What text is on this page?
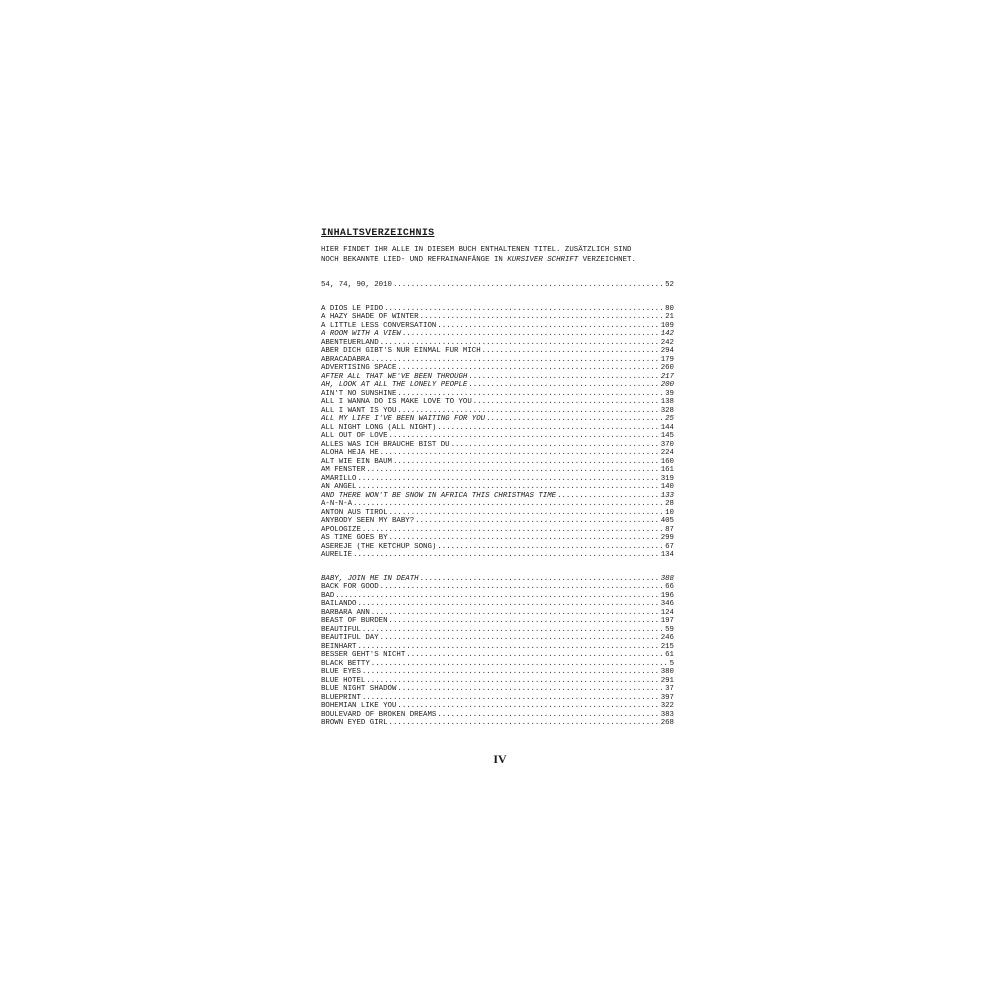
INHALTSVERZEICHNIS
HIER FINDET IHR ALLE IN DIESEM BUCH ENTHALTENEN TITEL. ZUSÄTZLICH SIND
NOCH BEKANNTE LIED- UND REFRAINANFÄNGE IN KURSIVER SCHRIFT VERZEICHNET.
54, 74, 90, 2010 .....	52
A DIOS LE PIDO .....	80
A HAZY SHADE OF WINTER .....	21
A LITTLE LESS CONVERSATION .....	109
A ROOM WITH A VIEW .....	142
ABENTEUERLAND .....	242
ABER DICH GIBT'S NUR EINMAL FÜR MICH .....	294
ABRACADABRA .....	179
ADVERTISING SPACE .....	260
AFTER ALL THAT WE'VE BEEN THROUGH .....	217
AH, LOOK AT ALL THE LONELY PEOPLE .....	200
AIN'T NO SUNSHINE .....	39
ALL I WANNA DO IS MAKE LOVE TO YOU .....	138
ALL I WANT IS YOU .....	328
ALL MY LIFE I'VE BEEN WAITING FOR YOU .....	25
ALL NIGHT LONG (ALL NIGHT) .....	144
ALL OUT OF LOVE .....	145
ALLES WAS ICH BRAUCHE BIST DU .....	370
ALOHA HEJA HE .....	224
ALT WIE EIN BAUM .....	160
AM FENSTER .....	161
AMARILLO .....	319
AN ANGEL .....	140
AND THERE WON'T BE SNOW IN AFRICA THIS CHRISTMAS TIME .....	133
A-N-N-A .....	28
ANTON AUS TIROL .....	10
ANYBODY SEEN MY BABY? .....	405
APOLOGIZE .....	87
AS TIME GOES BY .....	299
ASEREJÉ (THE KETCHUP SONG) .....	67
AURÉLIE .....	134
BABY, JOIN ME IN DEATH .....	388
BACK FOR GOOD .....	66
BAD .....	196
BAILANDO .....	346
BARBARA ANN .....	124
BEAST OF BURDEN .....	197
BEAUTIFUL .....	59
BEAUTIFUL DAY .....	246
BEINHART .....	215
BESSER GEHT'S NICHT .....	61
BLACK BETTY .....	5
BLUE EYES .....	380
BLUE HOTEL .....	291
BLUE NIGHT SHADOW .....	37
BLUEPRINT .....	397
BOHEMIAN LIKE YOU .....	322
BOULEVARD OF BROKEN DREAMS .....	383
BROWN EYED GIRL .....	268
IV
